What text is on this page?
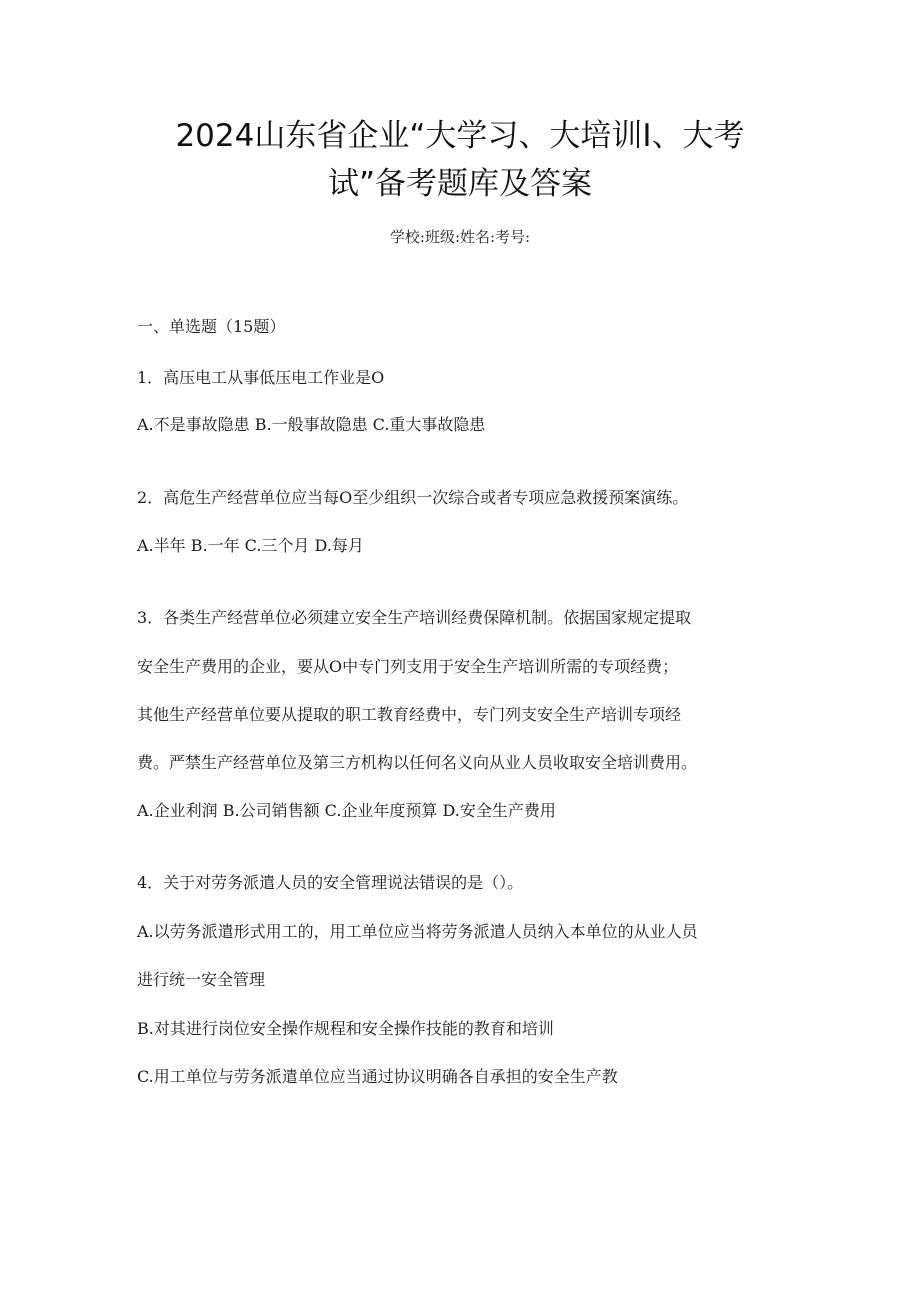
2024山东省企业“大学习、大培训I、大考
试”备考题库及答案
学校:班级:姓名:考号:
一、单选题（15题）
1．高压电工从事低压电工作业是O
A.不是事故隐患 B.一般事故隐患 C.重大事故隐患
2．高危生产经营单位应当每O至少组织一次综合或者专项应急救援预案演练。
A.半年 B.一年 C.三个月 D.每月
3．各类生产经营单位必须建立安全生产培训经费保障机制。依据国家规定提取
安全生产费用的企业，要从O中专门列支用于安全生产培训所需的专项经费；
其他生产经营单位要从提取的职工教育经费中，专门列支安全生产培训专项经
费。严禁生产经营单位及第三方机构以任何名义向从业人员收取安全培训费用。
A.企业利润 B.公司销售额 C.企业年度预算 D.安全生产费用
4．关于对劳务派遣人员的安全管理说法错误的是（）。
A.以劳务派遣形式用工的，用工单位应当将劳务派遣人员纳入本单位的从业人员
进行统一安全管理
B.对其进行岗位安全操作规程和安全操作技能的教育和培训
C.用工单位与劳务派遣单位应当通过协议明确各自承担的安全生产教
